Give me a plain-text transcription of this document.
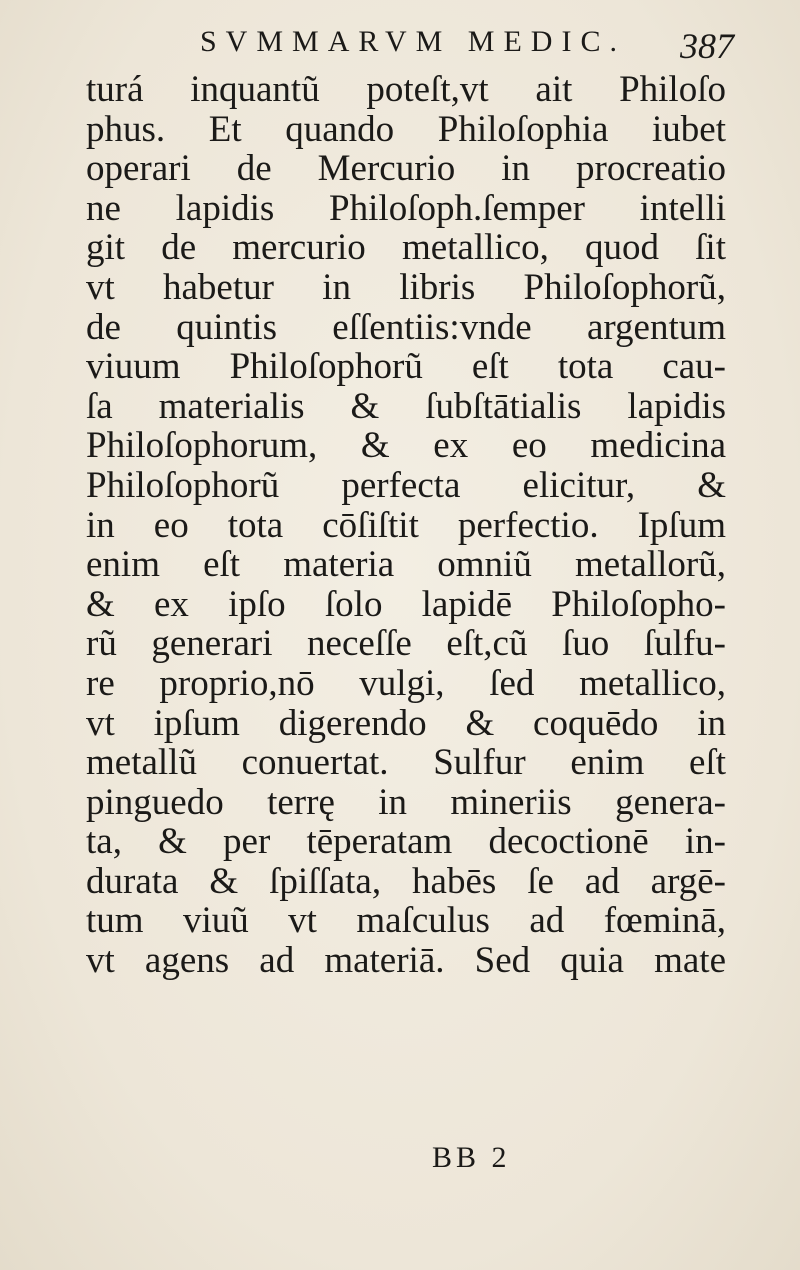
SVMMARVM MEDIC. 387
turá inquantũ poteſt,vt ait Philoſo
phus. Et quando Philoſophia iubet
operari de Mercurio in procreatio
ne lapidis Philoſoph.ſemper intelli
git de mercurio metallico, quod ſit
vt habetur in libris Philoſophorũ,
de quintis eſſentiis:vnde argentum
viuum Philoſophorũ eſt tota cau-
ſa materialis & ſubſtātialis lapidis
Philoſophorum, & ex eo medicina
Philoſophorũ perfecta elicitur, &
in eo tota cōſiſtit perfectio. Ipſum
enim eſt materia omniũ metallorũ,
& ex ipſo ſolo lapidē Philoſopho-
rũ generari neceſſe eſt,cũ ſuo ſulfu-
re proprio,nō vulgi, ſed metallico,
vt ipſum digerendo & coquēdo in
metallũ conuertat. Sulfur enim eſt
pinguedo terrę in mineriis genera-
ta, & per tēperatam decoctionē in-
durata & ſpiſſata, habēs ſe ad argē-
tum viuũ vt maſculus ad fœminā,
vt agens ad materiā. Sed quia mate
BB 2
